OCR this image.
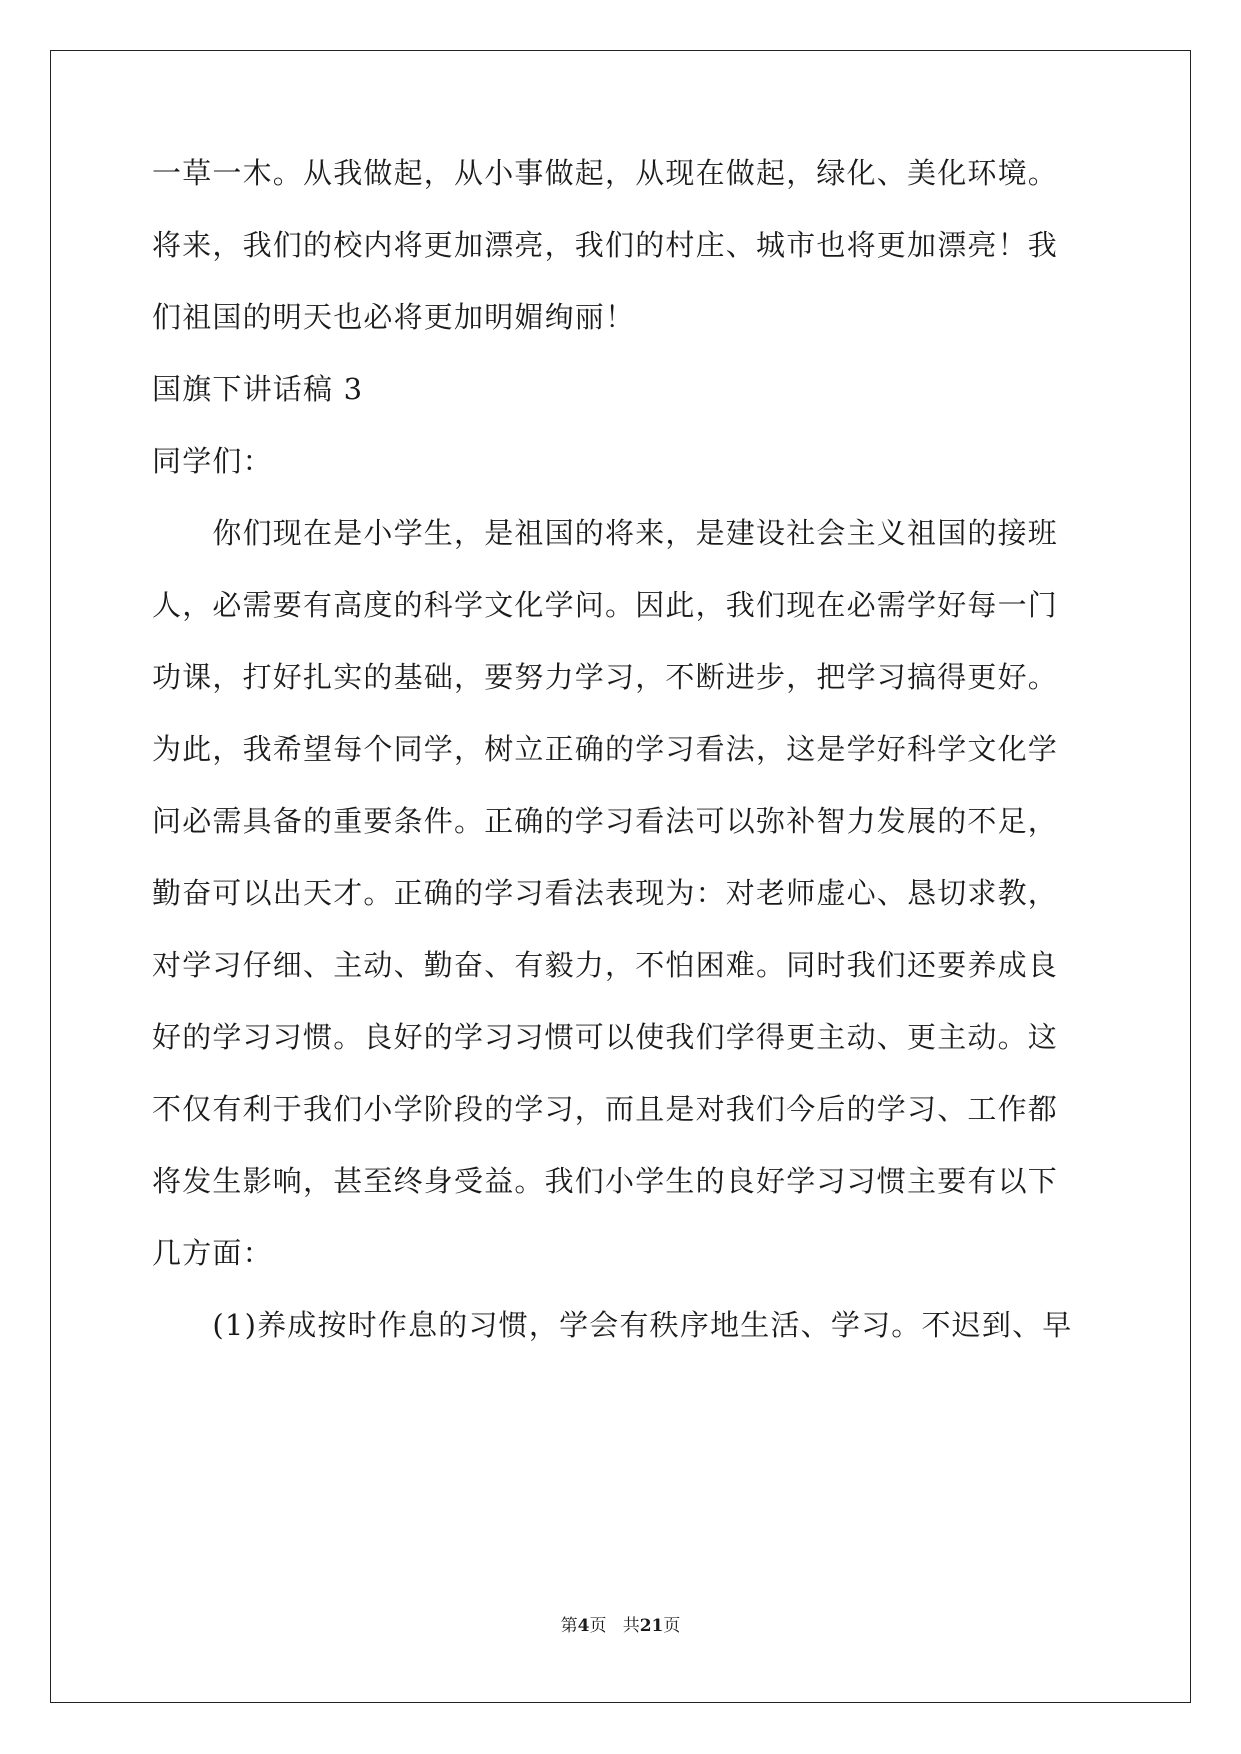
一草一木。从我做起，从小事做起，从现在做起，绿化、美化环境。
将来，我们的校内将更加漂亮，我们的村庄、城市也将更加漂亮！我
们祖国的明天也必将更加明媚绚丽！
国旗下讲话稿 3
同学们：
　　你们现在是小学生，是祖国的将来，是建设社会主义祖国的接班
人，必需要有高度的科学文化学问。因此，我们现在必需学好每一门
功课，打好扎实的基础，要努力学习，不断进步，把学习搞得更好。
为此，我希望每个同学，树立正确的学习看法，这是学好科学文化学
问必需具备的重要条件。正确的学习看法可以弥补智力发展的不足，
勤奋可以出天才。正确的学习看法表现为：对老师虚心、恳切求教，
对学习仔细、主动、勤奋、有毅力，不怕困难。同时我们还要养成良
好的学习习惯。良好的学习习惯可以使我们学得更主动、更主动。这
不仅有利于我们小学阶段的学习，而且是对我们今后的学习、工作都
将发生影响，甚至终身受益。我们小学生的良好学习习惯主要有以下
几方面：
　　(1)养成按时作息的习惯，学会有秩序地生活、学习。不迟到、早
第4页 共21页
